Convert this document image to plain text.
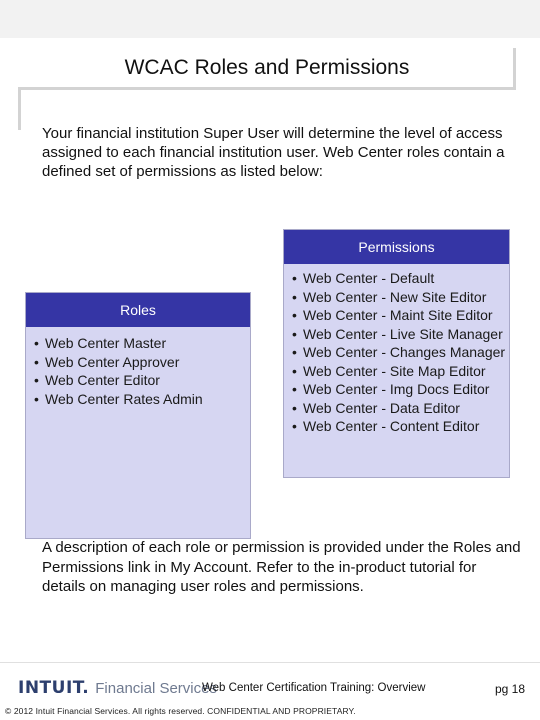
WCAC Roles and Permissions

Your financial institution Super User will determine the level of access assigned to each financial institution user. Web Center roles contain a defined set of permissions as listed below:

Roles
• Web Center Master
• Web Center Approver
• Web Center Editor
• Web Center Rates Admin
Permissions
• Web Center - Default
• Web Center - New Site Editor
• Web Center - Maint Site Editor
• Web Center - Live Site Manager
• Web Center - Changes Manager
• Web Center - Site Map Editor
• Web Center - Img Docs Editor
• Web Center - Data Editor
• Web Center - Content Editor

A description of each role or permission is provided under the Roles and Permissions link in My Account. Refer to the in-product tutorial for details on managing user roles and permissions.

INTUIT. Financial Services
Web Center Certification Training: Overview	pg 18
© 2012 Intuit Financial Services. All rights reserved. CONFIDENTIAL AND PROPRIETARY.
